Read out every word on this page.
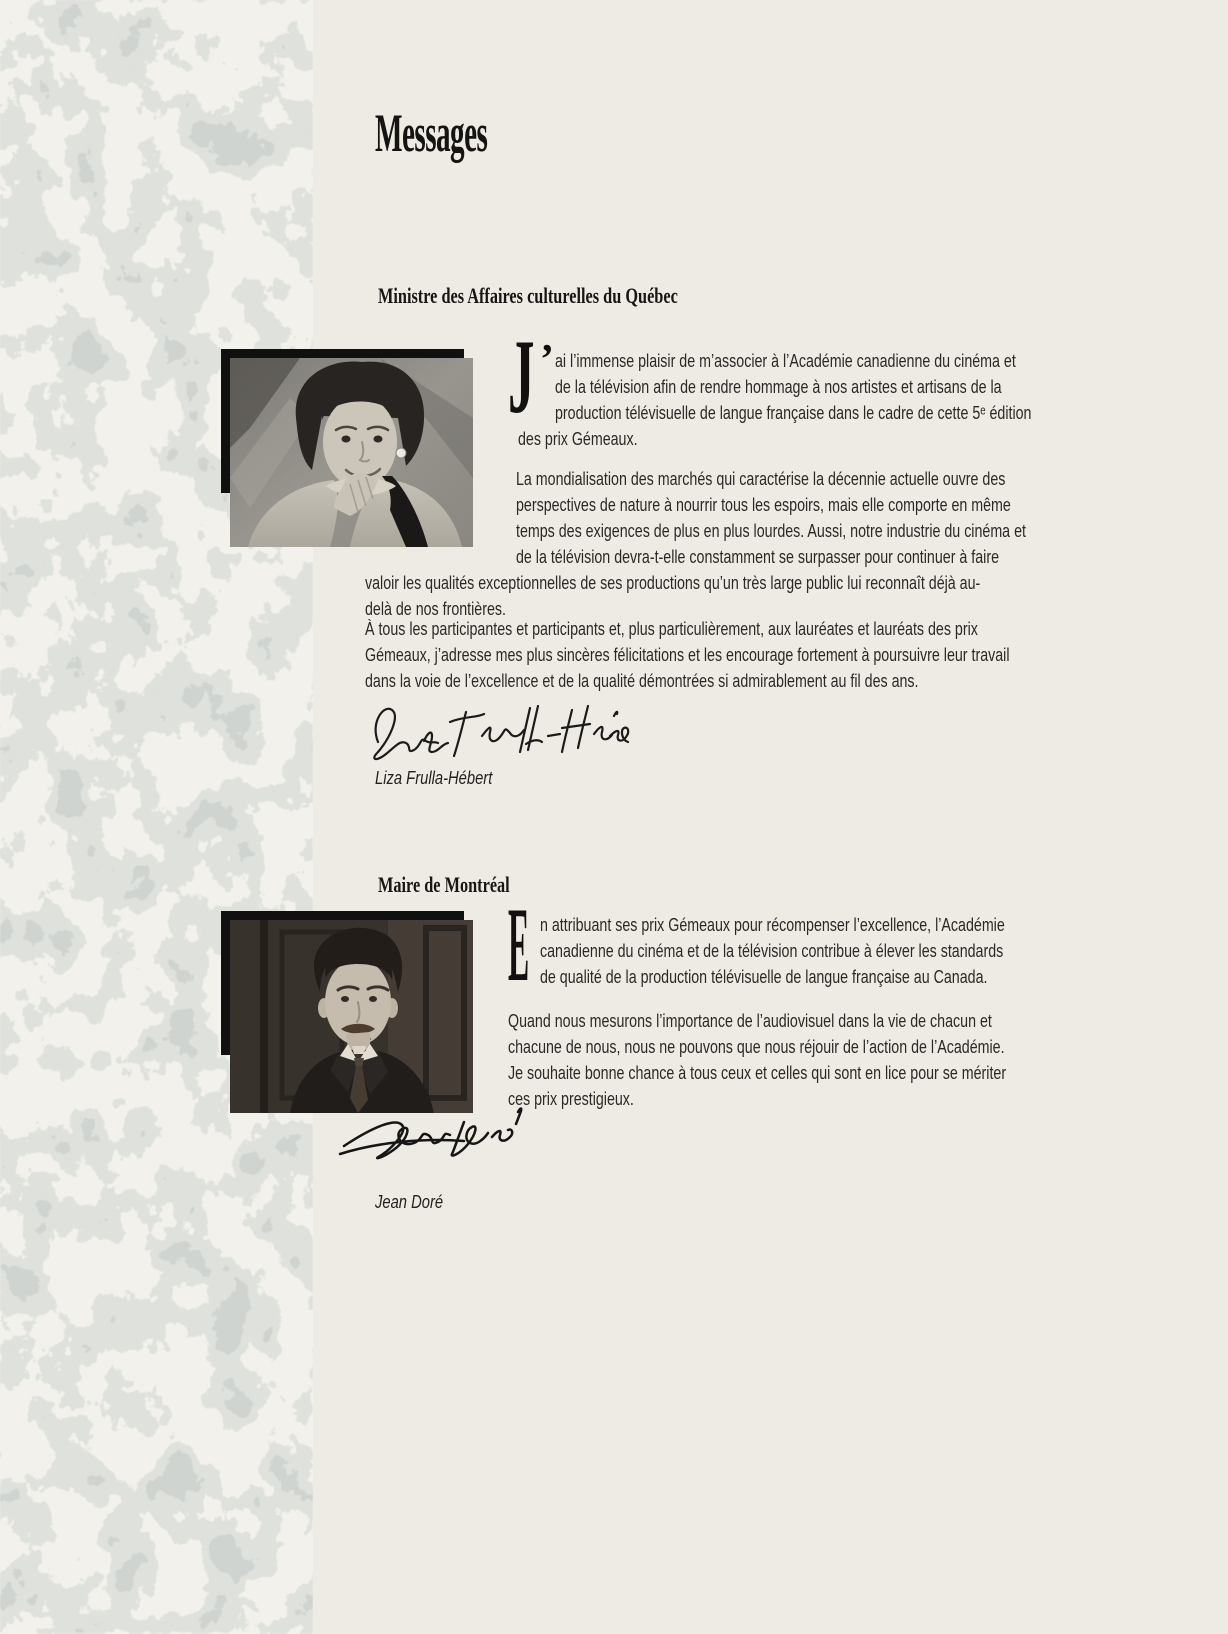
Messages
Ministre des Affaires culturelles du Québec
J ’ ai l’immense plaisir de m’associer à l’Académie canadienne du cinéma et
de la télévision afin de rendre hommage à nos artistes et artisans de la
production télévisuelle de langue française dans le cadre de cette 5ᵉ édition
des prix Gémeaux.
La mondialisation des marchés qui caractérise la décennie actuelle ouvre des
perspectives de nature à nourrir tous les espoirs, mais elle comporte en même
temps des exigences de plus en plus lourdes. Aussi, notre industrie du cinéma et
de la télévision devra-t-elle constamment se surpasser pour continuer à faire
valoir les qualités exceptionnelles de ses productions qu’un très large public lui reconnaît déjà au-
delà de nos frontières.
À tous les participantes et participants et, plus particulièrement, aux lauréates et lauréats des prix
Gémeaux, j’adresse mes plus sincères félicitations et les encourage fortement à poursuivre leur travail
dans la voie de l’excellence et de la qualité démontrées si admirablement au fil des ans.
Liza Frulla-Hébert
Maire de Montréal
E n attribuant ses prix Gémeaux pour récompenser l’excellence, l’Académie
canadienne du cinéma et de la télévision contribue à élever les standards
de qualité de la production télévisuelle de langue française au Canada.
Quand nous mesurons l’importance de l’audiovisuel dans la vie de chacun et
chacune de nous, nous ne pouvons que nous réjouir de l’action de l’Académie.
Je souhaite bonne chance à tous ceux et celles qui sont en lice pour se mériter
ces prix prestigieux.
Jean Doré
